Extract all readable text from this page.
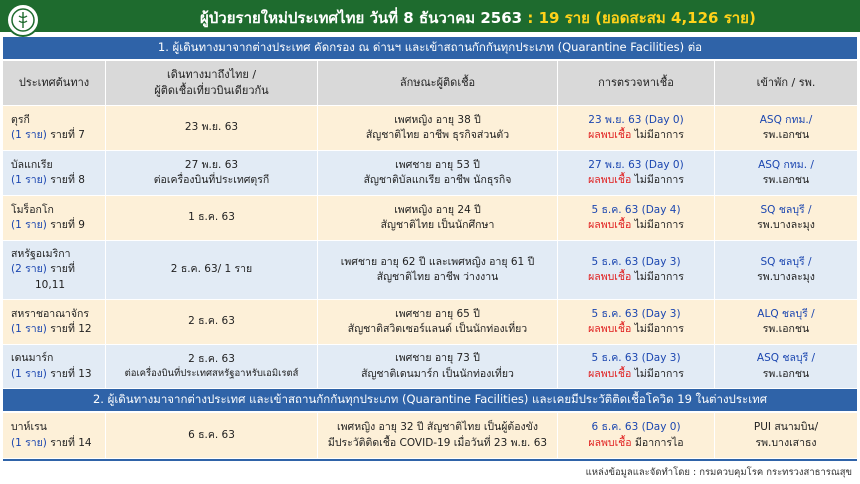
ผู้ป่วยรายใหม่ประเทศไทย วันที่ 8 ธันวาคม 2563 : 19 ราย (ยอดสะสม 4,126 ราย)
1. ผู้เดินทางมาจากต่างประเทศ คัดกรอง ณ ด่านฯ และเข้าสถานกักกันทุกประเภท (Quarantine Facilities) ต่อ
ประเทศต้นทาง
เดินทางมาถึงไทย /
ผู้ติดเชื้อเที่ยวบินเดียวกัน
ลักษณะผู้ติดเชื้อ	การตรวจหาเชื้อ	เข้าพัก / รพ.
ตุรกี
(1 ราย) รายที่ 7
23 พ.ย. 63
เพศหญิง อายุ 38 ปี
สัญชาติไทย อาชีพ ธุรกิจส่วนตัว
23 พ.ย. 63 (Day 0)
ผลพบเชื้อ ไม่มีอาการ
ASQ กทม./
รพ.เอกชน
บัลแกเรีย
(1 ราย) รายที่ 8
27 พ.ย. 63
ต่อเครื่องบินที่ประเทศตุรกี
เพศชาย อายุ 53 ปี
สัญชาติบัลแกเรีย อาชีพ นักธุรกิจ
27 พ.ย. 63 (Day 0)
ผลพบเชื้อ ไม่มีอาการ
ASQ กทม. /
รพ.เอกชน
โมร็อกโก
(1 ราย) รายที่ 9
1 ธ.ค. 63
เพศหญิง อายุ 24 ปี
สัญชาติไทย เป็นนักศึกษา
5 ธ.ค. 63 (Day 4)
ผลพบเชื้อ ไม่มีอาการ
SQ ชลบุรี /
รพ.บางละมุง
สหรัฐอเมริกา
(2 ราย) รายที่
10,11
2 ธ.ค. 63/ 1 ราย
เพศชาย อายุ 62 ปี และเพศหญิง อายุ 61 ปี
สัญชาติไทย อาชีพ ว่างงาน
5 ธ.ค. 63 (Day 3)
ผลพบเชื้อ ไม่มีอาการ
SQ ชลบุรี /
รพ.บางละมุง
สหราชอาณาจักร
(1 ราย) รายที่ 12
2 ธ.ค. 63
เพศชาย อายุ 65 ปี
สัญชาติสวิตเซอร์แลนด์ เป็นนักท่องเที่ยว
5 ธ.ค. 63 (Day 3)
ผลพบเชื้อ ไม่มีอาการ
ALQ ชลบุรี /
รพ.เอกชน
เดนมาร์ก
(1 ราย) รายที่ 13
2 ธ.ค. 63
ต่อเครื่องบินที่ประเทศสหรัฐอาหรับเอมิเรตส์
เพศชาย อายุ 73 ปี
สัญชาติเดนมาร์ก เป็นนักท่องเที่ยว
5 ธ.ค. 63 (Day 3)
ผลพบเชื้อ ไม่มีอาการ
ASQ ชลบุรี /
รพ.เอกชน
2. ผู้เดินทางมาจากต่างประเทศ และเข้าสถานกักกันทุกประเภท (Quarantine Facilities) และเคยมีประวัติติดเชื้อโควิด 19 ในต่างประเทศ
บาห์เรน
(1 ราย) รายที่ 14
6 ธ.ค. 63
เพศหญิง อายุ 32 ปี สัญชาติไทย เป็นผู้ต้องขัง
มีประวัติติดเชื้อ COVID-19 เมื่อวันที่ 23 พ.ย. 63
6 ธ.ค. 63 (Day 0)
ผลพบเชื้อ มีอาการไอ
PUI สนามบิน/
รพ.บางเสาธง
แหล่งข้อมูลและจัดทำโดย : กรมควบคุมโรค กระทรวงสาธารณสุข
